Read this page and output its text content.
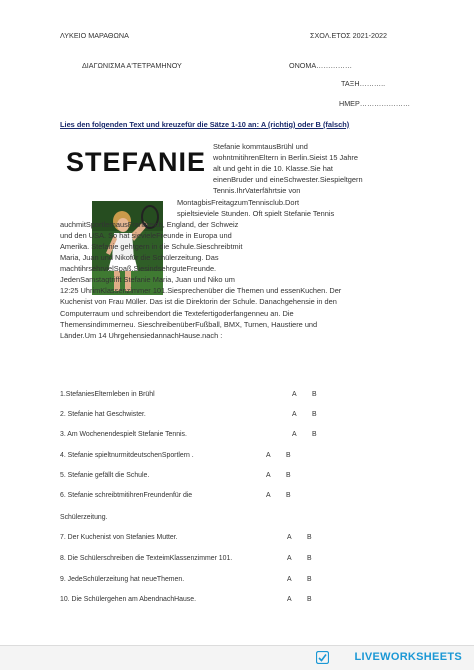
ΛΥΚΕΙΟ ΜΑΡΑΘΩΝΑ	ΣΧΟΛ.ΕΤΟΣ 2021-2022
ΔΙΑΓΩΝΙΣΜΑ Α'ΤΕΤΡΑΜΗΝΟΥ	ΟΝΟΜΑ……………
ΤΑΞΗ………..
ΗΜΕΡ…………………
Lies den folgenden Text und kreuzefür die Sätze 1-10 an: A (richtig) oder B (falsch)
STEFANIE
Stefanie kommtausBrühl und
wohntmitihrenEltern in Berlin.Sieist 15 Jahre
alt und geht in die 10. Klasse.Sie hat
einenBruder und eineSchwester.Siespieltgern
Tennis.IhrVaterfährtsie von
MontagbisFreitagzumTennisclub.Dort
spieltsieviele Stunden. Oft spielt Stefanie Tennis
auchmitSportlernausFrankreich, England, der Schweiz
und den USA. So hat sievieleFreunde in Europa und
Amerika. Stefanie gehtgern in die Schule.Sieschreibtmit
Maria, Juan und Nikofür die Schülerzeitung. Das
machtihrsehrvielSpaß.SiesindsehrguteFreunde.
JedenSamstagtrifft Stefanie Maria, Juan und Niko um
12:25 UhrimKlassenzimmer 101.Siesprechenüber die Themen und essenKuchen. Der
Kuchenist von Frau Müller. Das ist die Direktorin der Schule. Danachgehensie in den
Computerraum und schreibendort die Textefertigoderfangenneu an. Die
Themensindimmerneu. SieschreibenüberFußball, BMX, Turnen, Haustiere und
Länder.Um 14 UhrgehensiedannachHause.nach :
1.StefaniesElternleben in Brühl	A B
2. Stefanie hat Geschwister.	A B
3. Am Wochenendespielt Stefanie Tennis.	A B
4. Stefanie spieltnurmitdeutschenSportlern .	A B
5. Stefanie gefällt die Schule.	A B
6. Stefanie schreibtmitihrenFreundenfür die	A B
Schülerzeitung.
7. Der Kuchenist von Stefanies Mutter.	A B
8. Die Schülerschreiben die TexteimKlassenzimmer 101.	A B
9. JedeSchülerzeitung hat neueThemen.	A B
10. Die Schülergehen am AbendnachHause.	A B
LIVEWORKSHEETS
